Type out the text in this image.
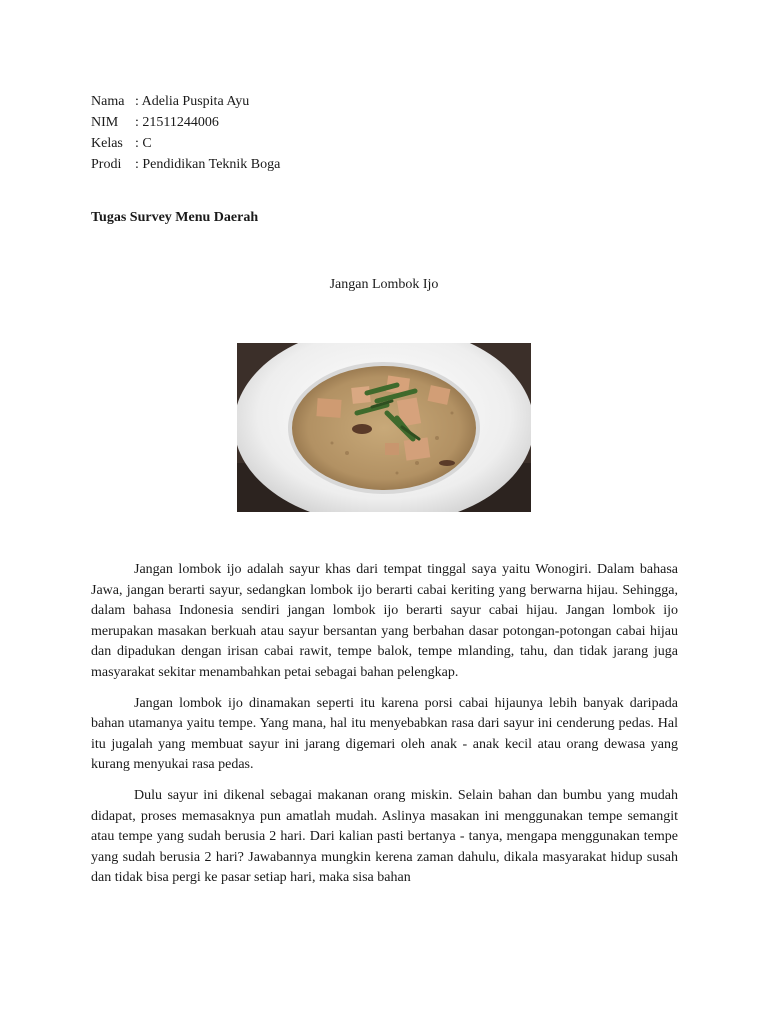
Nama : Adelia Puspita Ayu
NIM	: 21511244006
Kelas : C
Prodi : Pendidikan Teknik Boga
Tugas Survey Menu Daerah
Jangan Lombok Ijo

Jangan lombok ijo adalah sayur khas dari tempat tinggal saya yaitu Wonogiri. Dalam bahasa Jawa, jangan berarti sayur, sedangkan lombok ijo berarti cabai keriting yang berwarna hijau. Sehingga, dalam bahasa Indonesia sendiri jangan lombok ijo berarti sayur cabai hijau. Jangan lombok ijo merupakan masakan berkuah atau sayur bersantan yang berbahan dasar potongan-potongan cabai hijau dan dipadukan dengan irisan cabai rawit, tempe balok, tempe mlanding, tahu, dan tidak jarang juga masyarakat sekitar menambahkan petai sebagai bahan pelengkap.

Jangan lombok ijo dinamakan seperti itu karena porsi cabai hijaunya lebih banyak daripada bahan utamanya yaitu tempe. Yang mana, hal itu menyebabkan rasa dari sayur ini cenderung pedas. Hal itu jugalah yang membuat sayur ini jarang digemari oleh anak - anak kecil atau orang dewasa yang kurang menyukai rasa pedas.

Dulu sayur ini dikenal sebagai makanan orang miskin. Selain bahan dan bumbu yang mudah didapat, proses memasaknya pun amatlah mudah. Aslinya masakan ini menggunakan tempe semangit atau tempe yang sudah berusia 2 hari. Dari kalian pasti bertanya - tanya, mengapa menggunakan tempe yang sudah berusia 2 hari? Jawabannya mungkin kerena zaman dahulu, dikala masyarakat hidup susah dan tidak bisa pergi ke pasar setiap hari, maka sisa bahan
